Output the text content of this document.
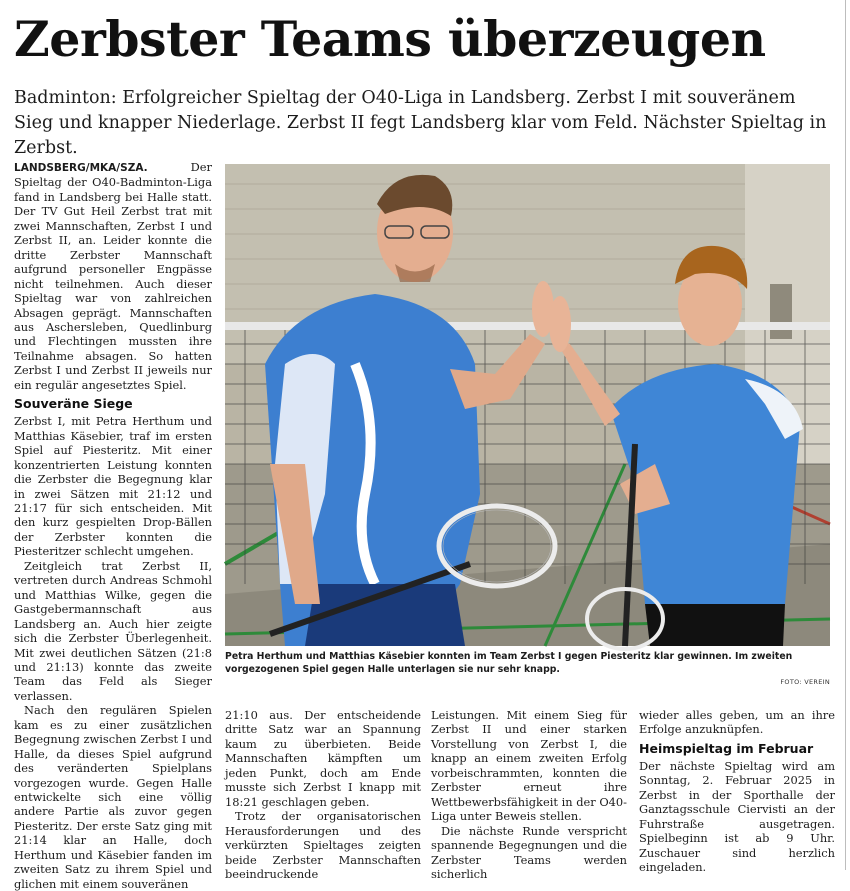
Zerbster Teams überzeugen

Badminton: Erfolgreicher Spieltag der O40-Liga in Landsberg. Zerbst I mit souveränem Sieg und knapper Niederlage. Zerbst II fegt Landsberg klar vom Feld. Nächster Spieltag in Zerbst.

LANDSBERG/MKA/SZA. Der Spieltag der O40-Badminton-Liga fand in Landsberg bei Halle statt. Der TV Gut Heil Zerbst trat mit zwei Mannschaften, Zerbst I und Zerbst II, an. Leider konnte die dritte Zerbster Mannschaft aufgrund personeller Engpässe nicht teilnehmen. Auch dieser Spieltag war von zahlreichen Absagen geprägt. Mannschaften aus Aschersleben, Quedlinburg und Flechtingen mussten ihre Teilnahme absagen. So hatten Zerbst I und Zerbst II jeweils nur ein regulär angesetztes Spiel.

Souveräne Siege

Zerbst I, mit Petra Herthum und Matthias Käsebier, traf im ersten Spiel auf Piesteritz. Mit einer konzentrierten Leistung konnten die Zerbster die Begegnung klar in zwei Sätzen mit 21:12 und 21:17 für sich entscheiden. Mit den kurz gespielten Drop-Bällen der Zerbster konnten die Piesteritzer schlecht umgehen.

Zeitgleich trat Zerbst II, vertreten durch Andreas Schmohl und Matthias Wilke, gegen die Gastgebermannschaft aus Landsberg an. Auch hier zeigte sich die Zerbster Überlegenheit. Mit zwei deutlichen Sätzen (21:8 und 21:13) konnte das zweite Team das Feld als Sieger verlassen.

Nach den regulären Spielen kam es zu einer zusätzlichen Begegnung zwischen Zerbst I und Halle, da dieses Spiel aufgrund des veränderten Spielplans vorgezogen wurde. Gegen Halle entwickelte sich eine völlig andere Partie als zuvor gegen Piesteritz. Der erste Satz ging mit 21:14 klar an Halle, doch Herthum und Käsebier fanden im zweiten Satz zu ihrem Spiel und glichen mit einem souveränen

Petra Herthum und Matthias Käsebier konnten im Team Zerbst I gegen Piesteritz klar gewinnen. Im zweiten vorgezogenen Spiel gegen Halle unterlagen sie nur sehr knapp.

FOTO: VEREIN

21:10 aus. Der entscheidende dritte Satz war an Spannung kaum zu überbieten. Beide Mannschaften kämpften um jeden Punkt, doch am Ende musste sich Zerbst I knapp mit 18:21 geschlagen geben.

Trotz der organisatorischen Herausforderungen und des verkürzten Spieltages zeigten beide Zerbster Mannschaften beeindruckende

Leistungen. Mit einem Sieg für Zerbst II und einer starken Vorstellung von Zerbst I, die knapp an einem zweiten Erfolg vorbeischrammten, konnten die Zerbster erneut ihre Wettbewerbsfähigkeit in der O40-Liga unter Beweis stellen.

Die nächste Runde verspricht spannende Begegnungen und die Zerbster Teams werden sicherlich

wieder alles geben, um an ihre Erfolge anzuknüpfen.

Heimspieltag im Februar

Der nächste Spieltag wird am Sonntag, 2. Februar 2025 in Zerbst in der Sporthalle der Ganztagsschule Ciervisti an der Fuhrstraße ausgetragen. Spielbeginn ist ab 9 Uhr. Zuschauer sind herzlich eingeladen.
